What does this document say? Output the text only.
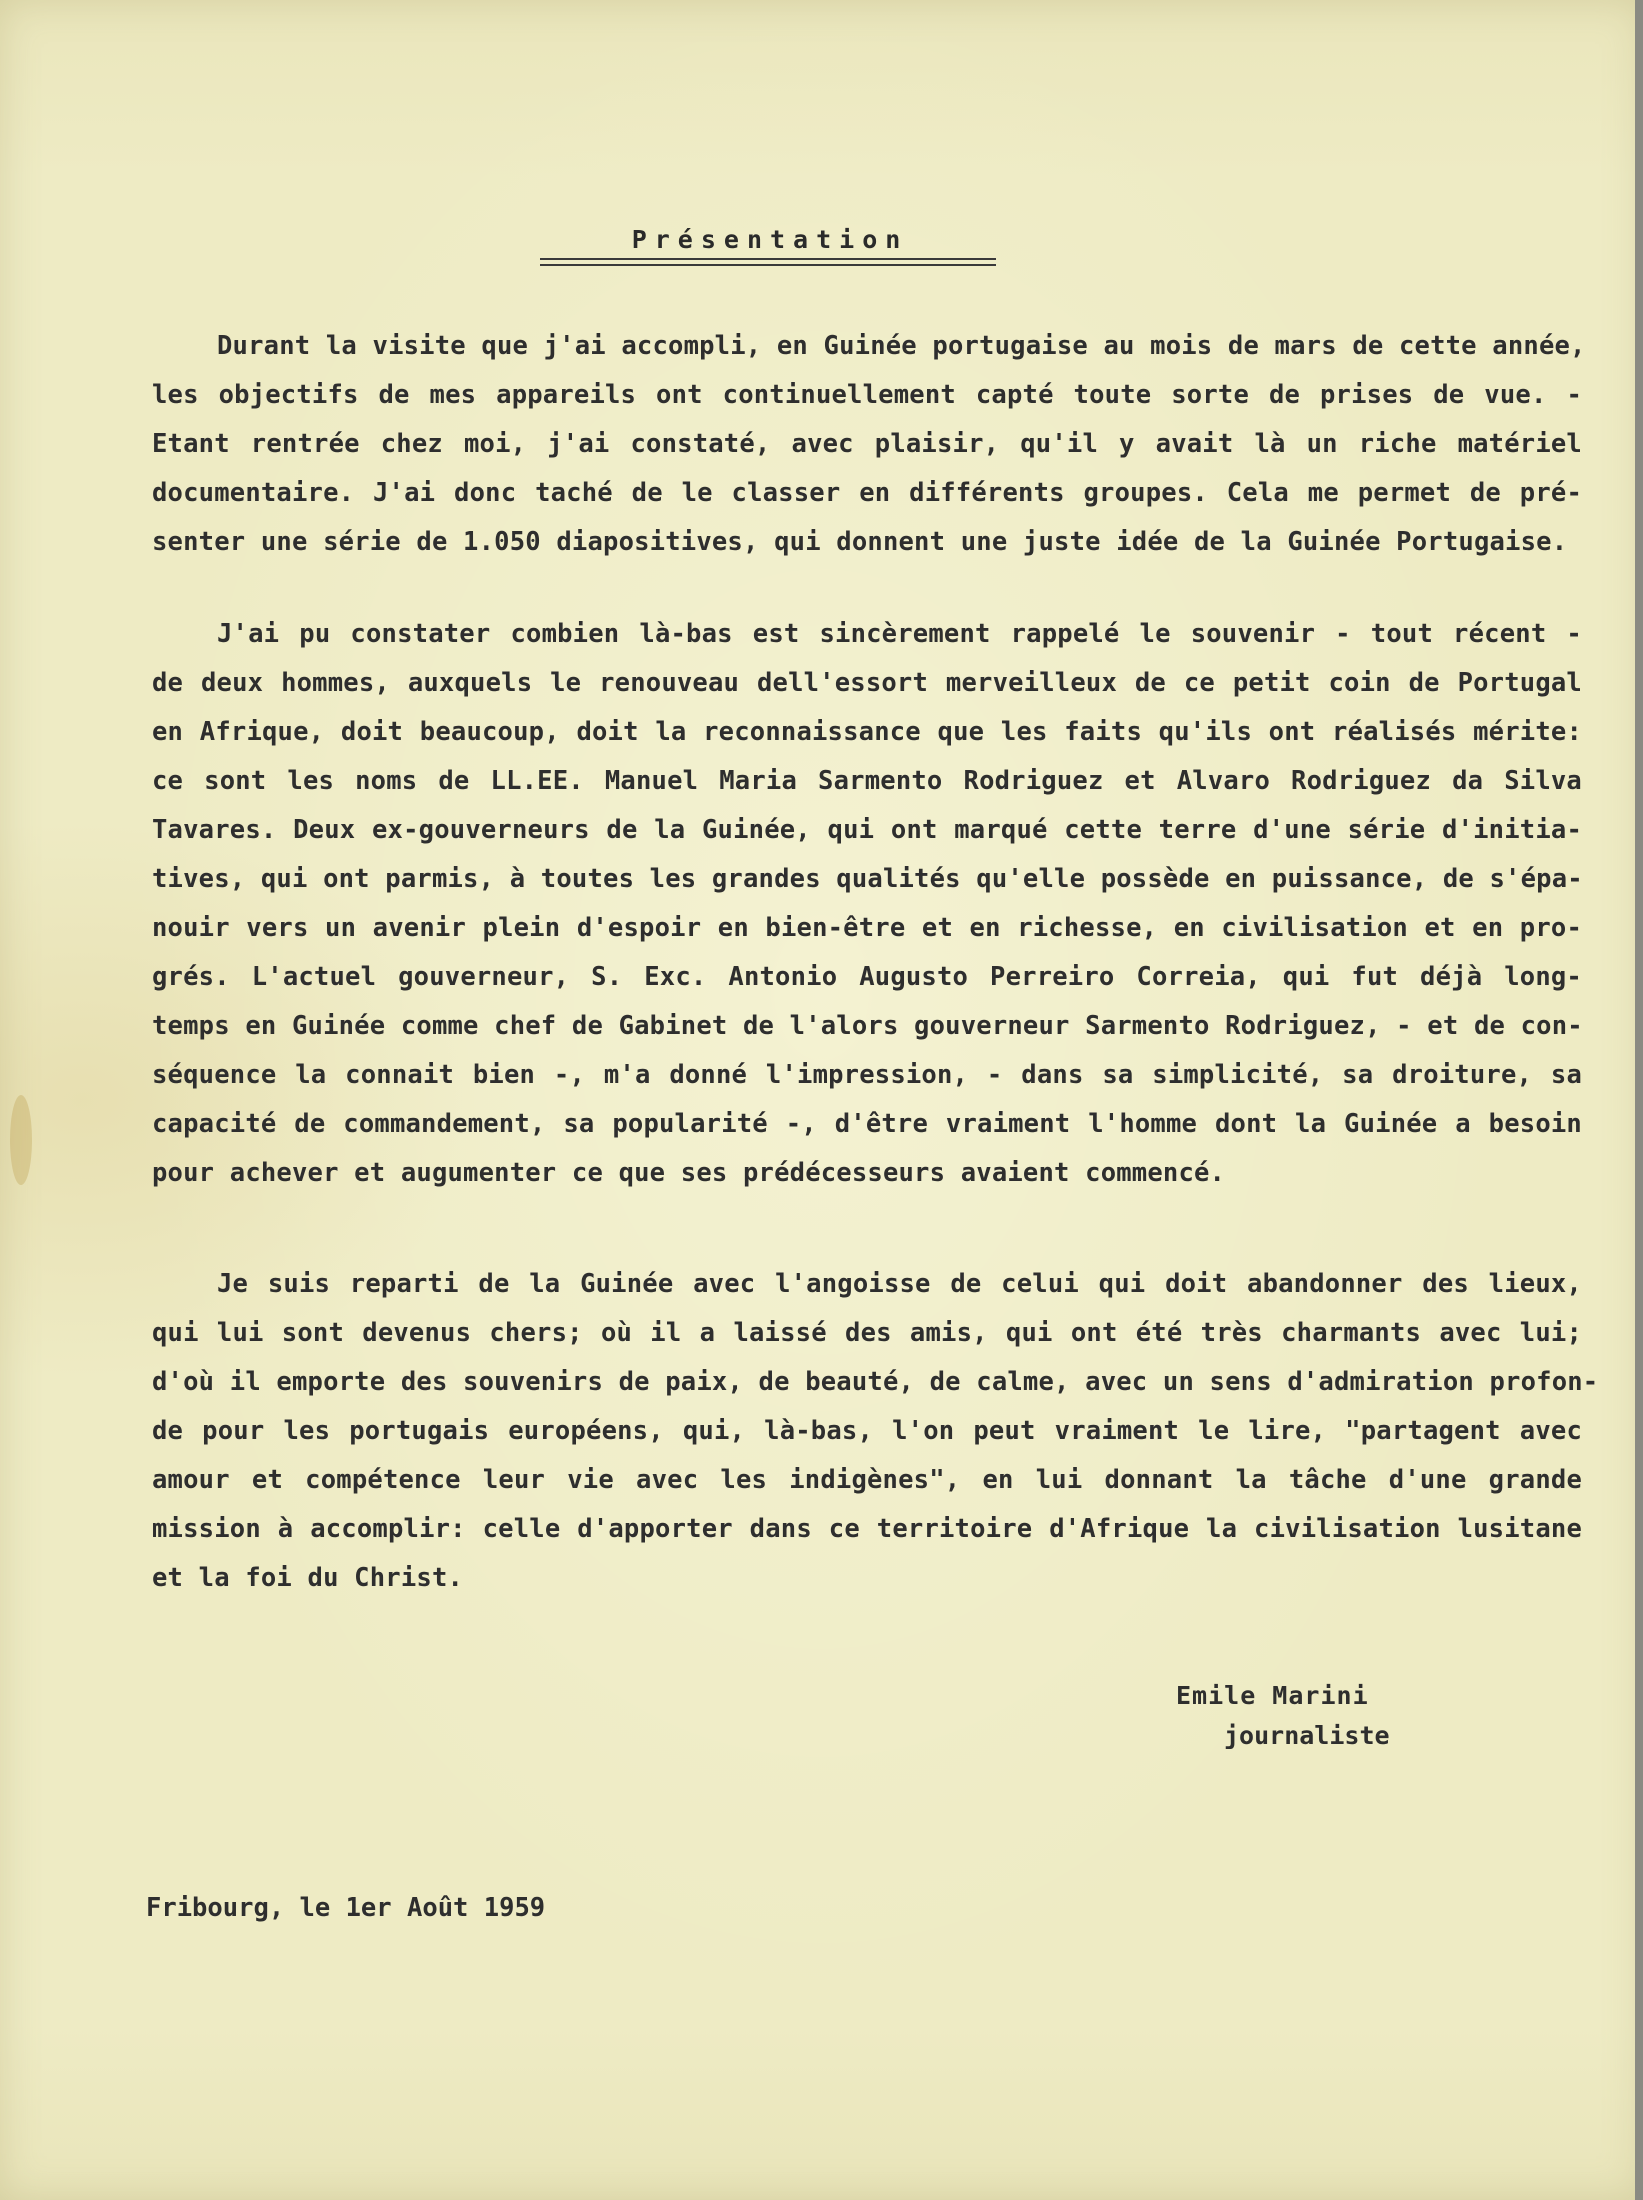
Présentation
Durant la visite que j'ai accompli, en Guinée portugaise au mois de mars de cette année,
les objectifs de mes appareils ont continuellement capté toute sorte de prises de vue. -
Etant rentrée chez moi, j'ai constaté, avec plaisir, qu'il y avait là un riche matériel
documentaire. J'ai donc taché de le classer en différents groupes. Cela me permet de pré-
senter une série de 1.050 diapositives, qui donnent une juste idée de la Guinée Portugaise.
J'ai pu constater combien là-bas est sincèrement rappelé le souvenir - tout récent -
de deux hommes, auxquels le renouveau dell'essort merveilleux de ce petit coin de Portugal
en Afrique, doit beaucoup, doit la reconnaissance que les faits qu'ils ont réalisés mérite:
ce sont les noms de LL.EE. Manuel Maria Sarmento Rodriguez et Alvaro Rodriguez da Silva
Tavares. Deux ex-gouverneurs de la Guinée, qui ont marqué cette terre d'une série d'initia-
tives, qui ont parmis, à toutes les grandes qualités qu'elle possède en puissance, de s'épa-
nouir vers un avenir plein d'espoir en bien-être et en richesse, en civilisation et en pro-
grés. L'actuel gouverneur, S. Exc. Antonio Augusto Perreiro Correia, qui fut déjà long-
temps en Guinée comme chef de Gabinet de l'alors gouverneur Sarmento Rodriguez, - et de con-
séquence la connait bien -, m'a donné l'impression, - dans sa simplicité, sa droiture, sa
capacité de commandement, sa popularité -, d'être vraiment l'homme dont la Guinée a besoin
pour achever et augumenter ce que ses prédécesseurs avaient commencé.
Je suis reparti de la Guinée avec l'angoisse de celui qui doit abandonner des lieux,
qui lui sont devenus chers; où il a laissé des amis, qui ont été très charmants avec lui;
d'où il emporte des souvenirs de paix, de beauté, de calme, avec un sens d'admiration profon-
de pour les portugais européens, qui, là-bas, l'on peut vraiment le lire, "partagent avec
amour et compétence leur vie avec les indigènes", en lui donnant la tâche d'une grande
mission à accomplir: celle d'apporter dans ce territoire d'Afrique la civilisation lusitane
et la foi du Christ.
Emile Marini
journaliste
Fribourg, le 1er Août 1959
